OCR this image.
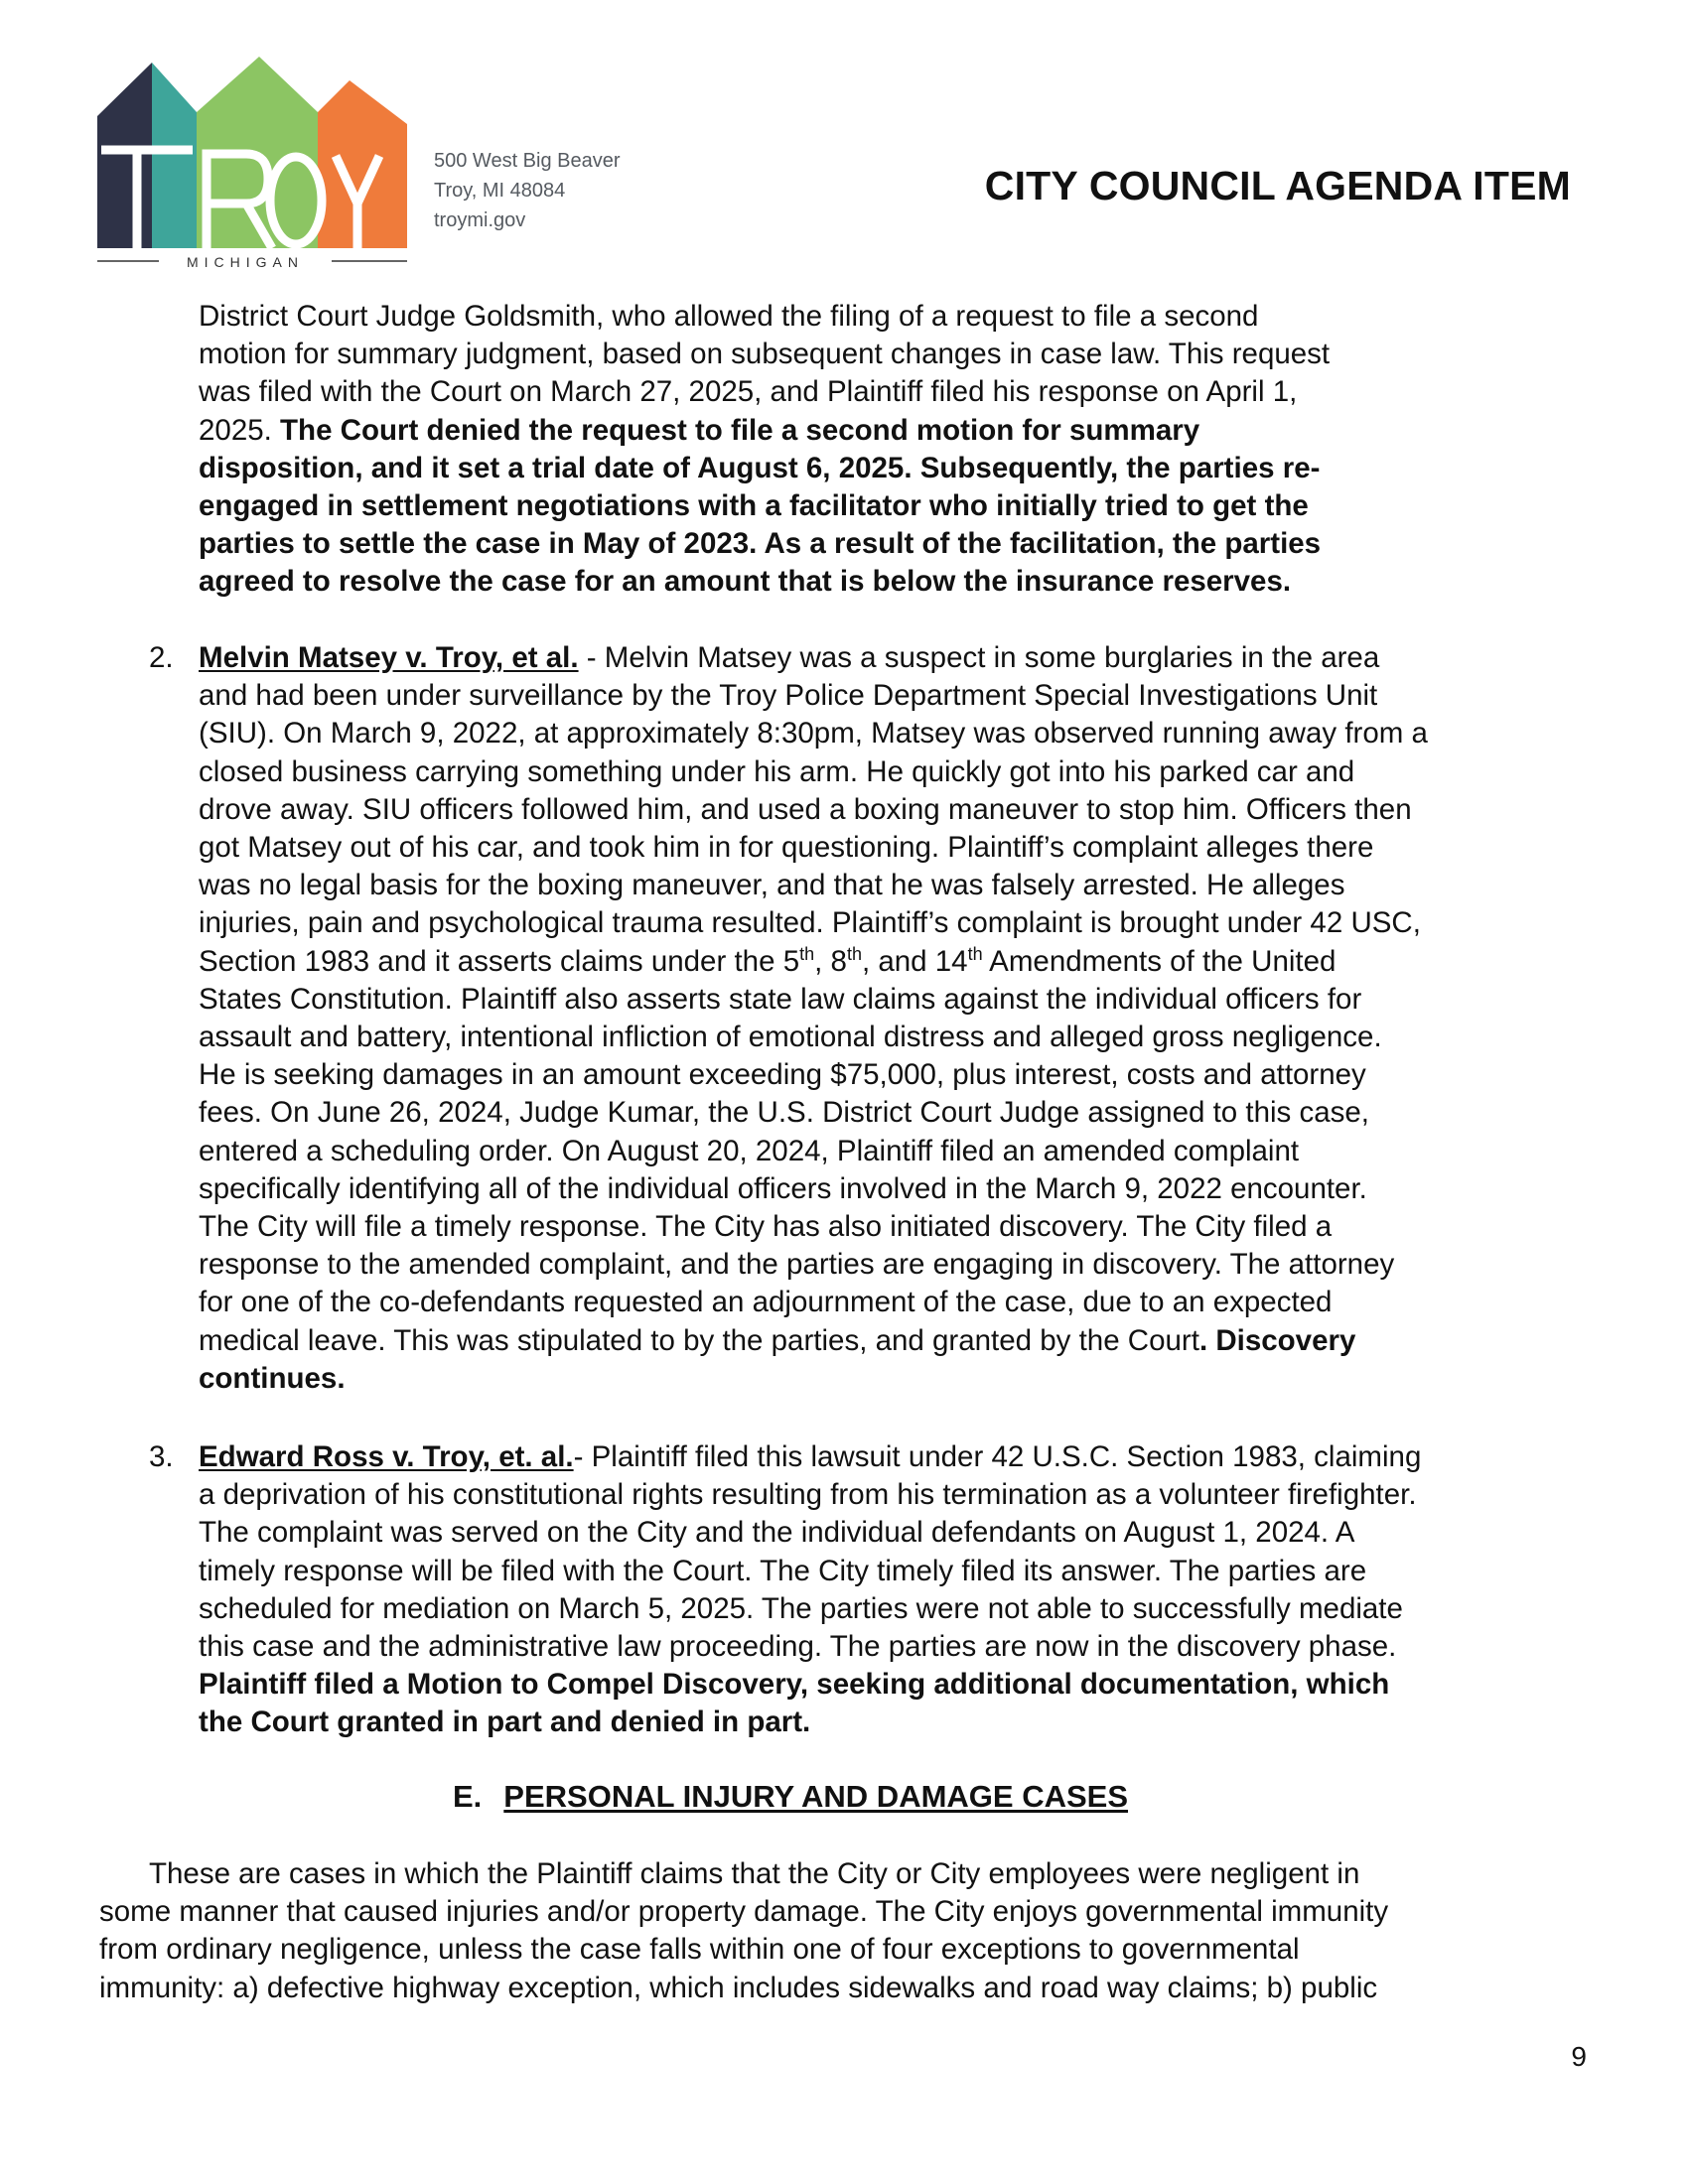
MICHIGAN
500 West Big Beaver
Troy, MI 48084
troymi.gov
CITY COUNCIL AGENDA ITEM
District Court Judge Goldsmith, who allowed the filing of a request to file a second
motion for summary judgment, based on subsequent changes in case law. This request
was filed with the Court on March 27, 2025, and Plaintiff filed his response on April 1,
2025. The Court denied the request to file a second motion for summary
disposition, and it set a trial date of August 6, 2025. Subsequently, the parties re-
engaged in settlement negotiations with a facilitator who initially tried to get the
parties to settle the case in May of 2023. As a result of the facilitation, the parties
agreed to resolve the case for an amount that is below the insurance reserves.
2. Melvin Matsey v. Troy, et al. - Melvin Matsey was a suspect in some burglaries in the area
and had been under surveillance by the Troy Police Department Special Investigations Unit
(SIU). On March 9, 2022, at approximately 8:30pm, Matsey was observed running away from a
closed business carrying something under his arm. He quickly got into his parked car and
drove away. SIU officers followed him, and used a boxing maneuver to stop him. Officers then
got Matsey out of his car, and took him in for questioning. Plaintiff’s complaint alleges there
was no legal basis for the boxing maneuver, and that he was falsely arrested. He alleges
injuries, pain and psychological trauma resulted. Plaintiff’s complaint is brought under 42 USC,
Section 1983 and it asserts claims under the 5th, 8th, and 14th Amendments of the United
States Constitution. Plaintiff also asserts state law claims against the individual officers for
assault and battery, intentional infliction of emotional distress and alleged gross negligence.
He is seeking damages in an amount exceeding $75,000, plus interest, costs and attorney
fees. On June 26, 2024, Judge Kumar, the U.S. District Court Judge assigned to this case,
entered a scheduling order. On August 20, 2024, Plaintiff filed an amended complaint
specifically identifying all of the individual officers involved in the March 9, 2022 encounter.
The City will file a timely response. The City has also initiated discovery. The City filed a
response to the amended complaint, and the parties are engaging in discovery. The attorney
for one of the co-defendants requested an adjournment of the case, due to an expected
medical leave. This was stipulated to by the parties, and granted by the Court. Discovery
continues.
3. Edward Ross v. Troy, et. al.- Plaintiff filed this lawsuit under 42 U.S.C. Section 1983, claiming
a deprivation of his constitutional rights resulting from his termination as a volunteer firefighter.
The complaint was served on the City and the individual defendants on August 1, 2024. A
timely response will be filed with the Court. The City timely filed its answer. The parties are
scheduled for mediation on March 5, 2025. The parties were not able to successfully mediate
this case and the administrative law proceeding. The parties are now in the discovery phase.
Plaintiff filed a Motion to Compel Discovery, seeking additional documentation, which
the Court granted in part and denied in part.
E. PERSONAL INJURY AND DAMAGE CASES
These are cases in which the Plaintiff claims that the City or City employees were negligent in
some manner that caused injuries and/or property damage. The City enjoys governmental immunity
from ordinary negligence, unless the case falls within one of four exceptions to governmental
immunity: a) defective highway exception, which includes sidewalks and road way claims; b) public
9
